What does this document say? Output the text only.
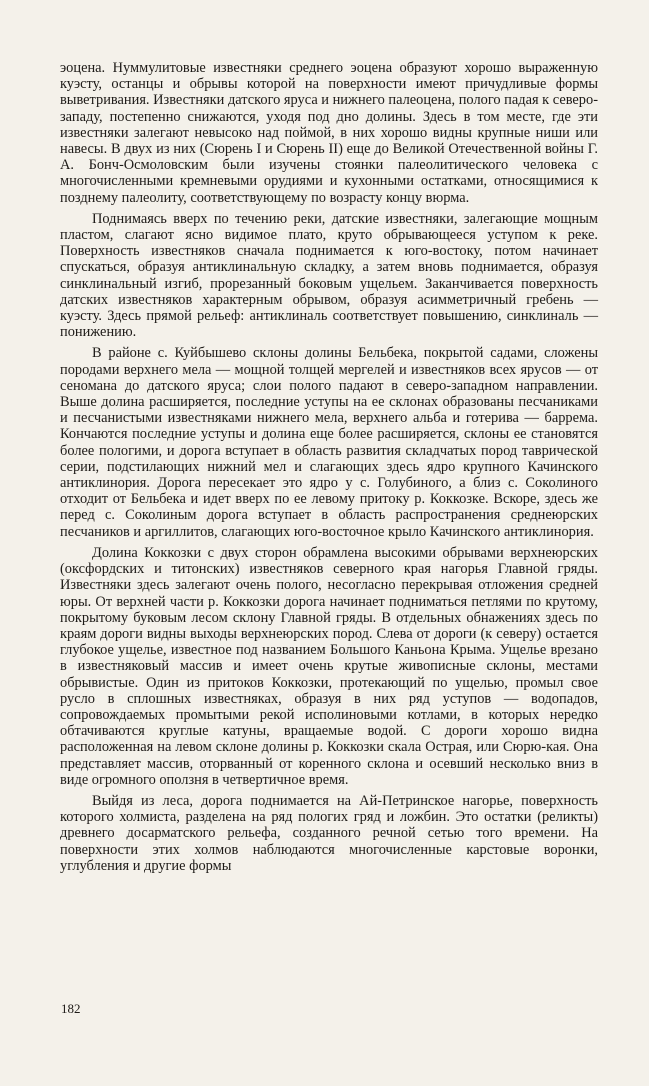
эоцена. Нуммулитовые известняки среднего эоцена образуют хорошо выраженную куэсту, останцы и обрывы которой на поверхности имеют причудливые формы выветривания. Известняки датского яруса и нижнего палеоцена, полого падая к северо-западу, постепенно снижаются, уходя под дно долины. Здесь в том месте, где эти известняки залегают невысоко над поймой, в них хорошо видны крупные ниши или навесы. В двух из них (Сюрень I и Сюрень II) еще до Великой Отечественной войны Г. А. Бонч-Осмоловским были изучены стоянки палеолитического человека с многочисленными кремневыми орудиями и кухонными остатками, относящимися к позднему палеолиту, соответствующему по возрасту концу вюрма.

Поднимаясь вверх по течению реки, датские известняки, залегающие мощным пластом, слагают ясно видимое плато, круто обрывающееся уступом к реке. Поверхность известняков сначала поднимается к юго-востоку, потом начинает спускаться, образуя антиклинальную складку, а затем вновь поднимается, образуя синклинальный изгиб, прорезанный боковым ущельем. Заканчивается поверхность датских известняков характерным обрывом, образуя асимметричный гребень — куэсту. Здесь прямой рельеф: антиклиналь соответствует повышению, синклиналь — понижению.

В районе с. Куйбышево склоны долины Бельбека, покрытой садами, сложены породами верхнего мела — мощной толщей мергелей и известняков всех ярусов — от сеномана до датского яруса; слои полого падают в северо-западном направлении. Выше долина расширяется, последние уступы на ее склонах образованы песчаниками и песчанистыми известняками нижнего мела, верхнего альба и готерива — баррема. Кончаются последние уступы и долина еще более расширяется, склоны ее становятся более пологими, и дорога вступает в область развития складчатых пород таврической серии, подстилающих нижний мел и слагающих здесь ядро крупного Качинского антиклинория. Дорога пересекает это ядро у с. Голубиного, а близ с. Соколиного отходит от Бельбека и идет вверх по ее левому притоку р. Коккозке. Вскоре, здесь же перед с. Соколиным дорога вступает в область распространения среднеюрских песчаников и аргиллитов, слагающих юго-восточное крыло Качинского антиклинория.

Долина Коккозки с двух сторон обрамлена высокими обрывами верхнеюрских (оксфордских и титонских) известняков северного края нагорья Главной гряды. Известняки здесь залегают очень полого, несогласно перекрывая отложения средней юры. От верхней части р. Коккозки дорога начинает подниматься петлями по крутому, покрытому буковым лесом склону Главной гряды. В отдельных обнажениях здесь по краям дороги видны выходы верхнеюрских пород. Слева от дороги (к северу) остается глубокое ущелье, известное под названием Большого Каньона Крыма. Ущелье врезано в известняковый массив и имеет очень крутые живописные склоны, местами обрывистые. Один из притоков Коккозки, протекающий по ущелью, промыл свое русло в сплошных известняках, образуя в них ряд уступов — водопадов, сопровождаемых промытыми рекой исполиновыми котлами, в которых нередко обтачиваются круглые катуны, вращаемые водой. С дороги хорошо видна расположенная на левом склоне долины р. Коккозки скала Острая, или Сюрю-кая. Она представляет массив, оторванный от коренного склона и осевший несколько вниз в виде огромного оползня в четвертичное время.

Выйдя из леса, дорога поднимается на Ай-Петринское нагорье, поверхность которого холмиста, разделена на ряд пологих гряд и ложбин. Это остатки (реликты) древнего досарматского рельефа, созданного речной сетью того времени. На поверхности этих холмов наблюдаются многочисленные карстовые воронки, углубления и другие формы

182
